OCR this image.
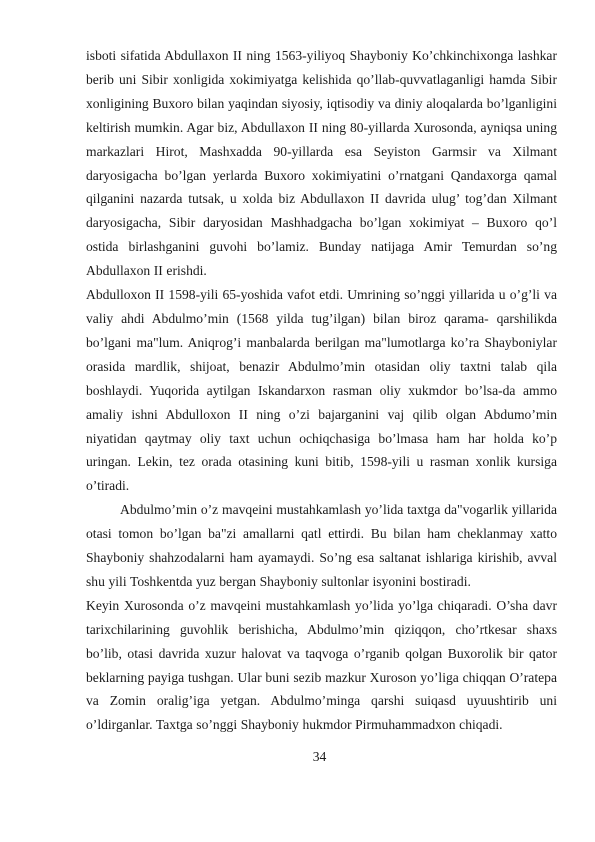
isboti sifatida Abdullaxon II ning 1563-yiliyoq Shayboniy Ko’chkinchixonga lashkar berib uni Sibir xonligida xokimiyatga kelishida qo’llab-quvvatlaganligi hamda Sibir xonligining Buxoro bilan yaqindan siyosiy, iqtisodiy va diniy aloqalarda bo’lganligini keltirish mumkin. Agar biz, Abdullaxon II ning 80-yillarda Xurosonda, ayniqsa uning markazlari Hirot, Mashxadda 90-yillarda esa Seyiston Garmsir va Xilmant daryosigacha bo’lgan yerlarda Buxoro xokimiyatini o’rnatgani Qandaxorga qamal qilganini nazarda tutsak, u xolda biz Abdullaxon II davrida ulug’ tog’dan Xilmant daryosigacha, Sibir daryosidan Mashhadgacha bo’lgan xokimiyat – Buxoro qo’l ostida birlashganini guvohi bo’lamiz. Bunday natijaga Amir Temurdan so’ng Abdullaxon II erishdi.

Abdulloxon II 1598-yili 65-yoshida vafot etdi. Umrining so’nggi yillarida u o’g’li va valiy ahdi Abdulmo’min (1568 yilda tug’ilgan) bilan biroz qarama- qarshilikda bo’lgani ma"lum. Aniqrog’i manbalarda berilgan ma"lumotlarga ko’ra Shayboniylar orasida mardlik, shijoat, benazir Abdulmo’min otasidan oliy taxtni talab qila boshlaydi. Yuqorida aytilgan Iskandarxon rasman oliy xukmdor bo’lsa-da ammo amaliy ishni Abdulloxon II ning o’zi bajarganini vaj qilib olgan Abdumo’min niyatidan qaytmay oliy taxt uchun ochiqchasiga bo’lmasa ham har holda ko’p uringan. Lekin, tez orada otasining kuni bitib, 1598-yili u rasman xonlik kursiga o’tiradi.

Abdulmo’min o’z mavqeini mustahkamlash yo’lida taxtga da"vogarlik yillarida otasi tomon bo’lgan ba"zi amallarni qatl ettirdi. Bu bilan ham cheklanmay xatto Shayboniy shahzodalarni ham ayamaydi. So’ng esa saltanat ishlariga kirishib, avval shu yili Toshkentda yuz bergan Shayboniy sultonlar isyonini bostiradi.

Keyin Xurosonda o’z mavqeini mustahkamlash yo’lida yo’lga chiqaradi. O’sha davr tarixchilarining guvohlik berishicha, Abdulmo’min qiziqqon, cho’rtkesar shaxs bo’lib, otasi davrida xuzur halovat va taqvoga o’rganib qolgan Buxorolik bir qator beklarning payiga tushgan. Ular buni sezib mazkur Xuroson yo’liga chiqqan O’ratepa va Zomin oralig’iga yetgan. Abdulmo’minga qarshi suiqasd uyuushtirib uni o’ldirganlar. Taxtga so’nggi Shayboniy hukmdor Pirmuhammadxon chiqadi.

34
